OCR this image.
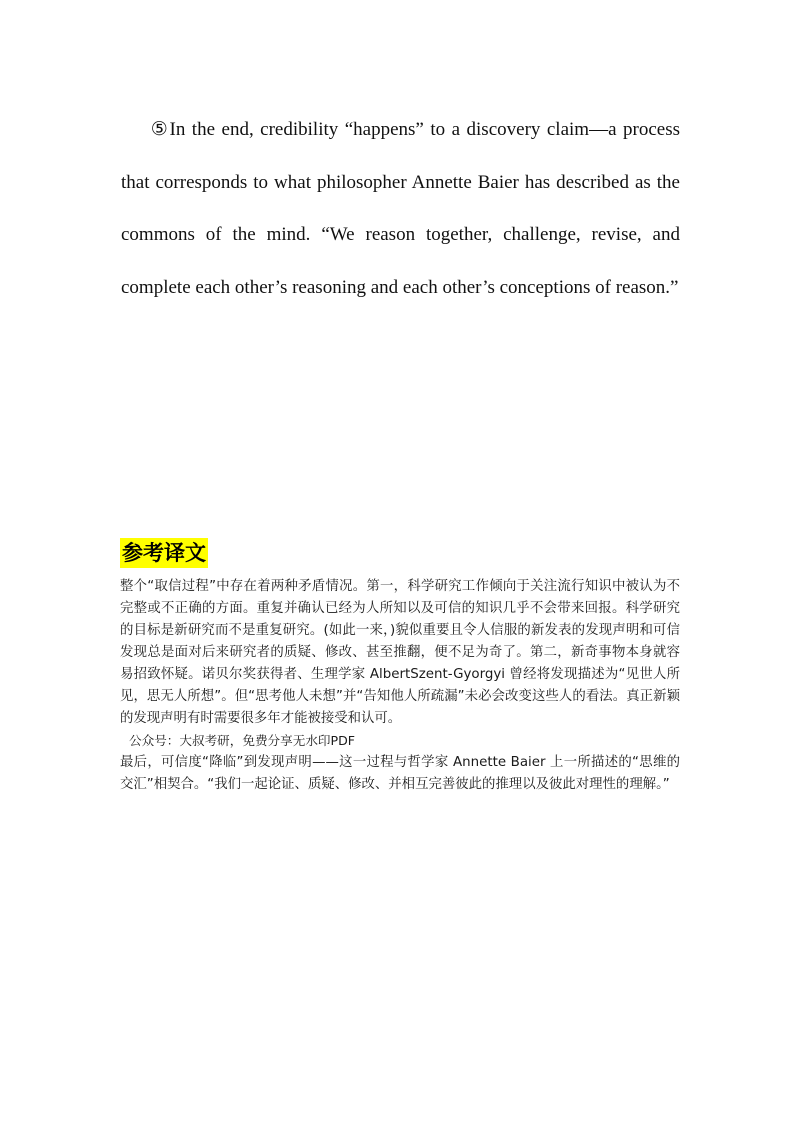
⑤In the end, credibility “happens” to a discovery claim—a process that corresponds to what philosopher Annette Baier has described as the commons of the mind. “We reason together, challenge, revise, and complete each other’s reasoning and each other’s conceptions of reason.”

参考译文

整个“取信过程”中存在着两种矛盾情况。第一，科学研究工作倾向于关注流行知识中被认为不完整或不正确的方面。重复并确认已经为人所知以及可信的知识几乎不会带来回报。科学研究的目标是新研究而不是重复研究。(如此一来，)貌似重要且令人信服的新发表的发现声明和可信发现总是面对后来研究者的质疑、修改、甚至推翻，便不足为奇了。第二，新奇事物本身就容易招致怀疑。诺贝尔奖获得者、生理学家 AlbertSzent-Gyorgyi 曾经将发现描述为“见世人所见，思无人所想”。但“思考他人未想”并“告知他人所疏漏”未必会改变这些人的看法。真正新颖的发现声明有时需要很多年才能被接受和认可。

公众号：大叔考研，免费分享无水印PDF

最后，可信度“降临”到发现声明——这一过程与哲学家 Annette Baier 上一所描述的“思维的交汇”相契合。“我们一起论证、质疑、修改、并相互完善彼此的推理以及彼此对理性的理解。”
